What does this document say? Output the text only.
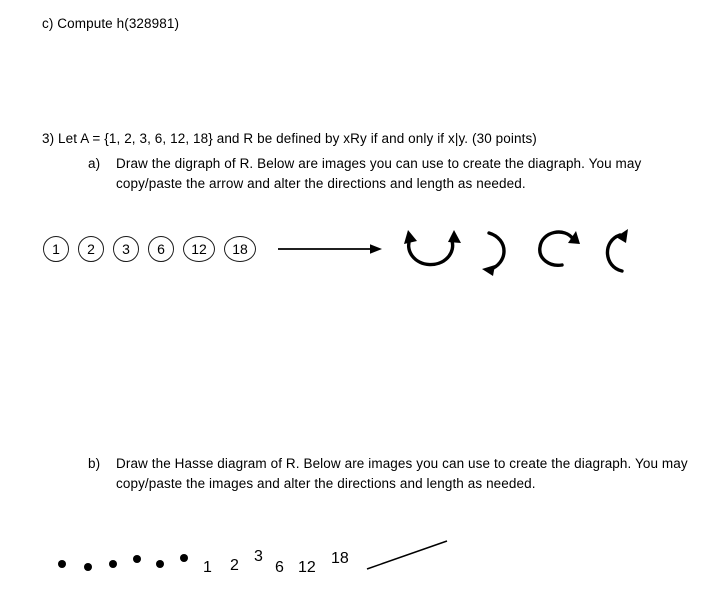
c) Compute h(328981)
3) Let A = {1, 2, 3, 6, 12, 18} and R be defined by xRy if and only if x|y. (30 points)
a) Draw the digraph of R. Below are images you can use to create the diagraph. You may copy/paste the arrow and alter the directions and length as needed.
1	2	3	6	12	18
b) Draw the Hasse diagram of R. Below are images you can use to create the diagraph. You may copy/paste the images and alter the directions and length as needed.
1 2
3
6 12
18
